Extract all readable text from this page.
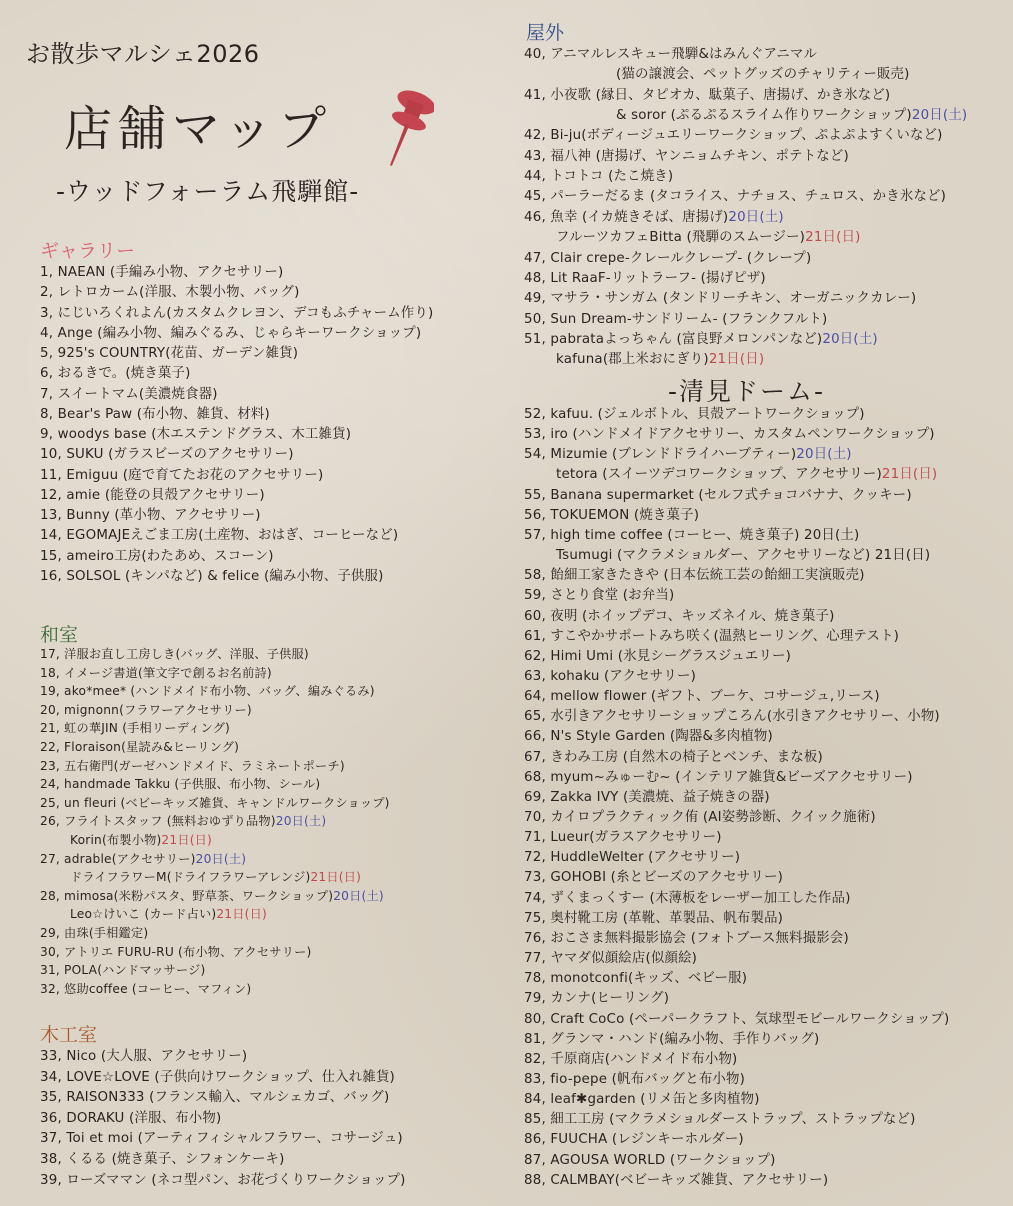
お散歩マルシェ2026
店舗マップ
-ウッドフォーラム飛騨館-
ギャラリー
1, NAEAN (手編み小物、アクセサリー)
2, レトロカーム(洋服、木製小物、バッグ)
3, にじいろくれよん(カスタムクレヨン、デコもふチャーム作り)
4, Ange (編み小物、編みぐるみ、じゃらキーワークショップ)
5, 925's COUNTRY(花苗、ガーデン雑貨)
6, おるきで。(焼き菓子)
7, スイートマム(美濃焼食器)
8, Bear's Paw (布小物、雑貨、材料)
9, woodys base (木エステンドグラス、木工雑貨)
10, SUKU (ガラスビーズのアクセサリー)
11, Emiguu (庭で育てたお花のアクセサリー)
12, amie (能登の貝殻アクセサリー)
13, Bunny (革小物、アクセサリー)
14, EGOMAJEえごま工房(土産物、おはぎ、コーヒーなど)
15, ameiro工房(わたあめ、スコーン)
16, SOLSOL (キンパなど) & felice (編み小物、子供服)
和室
17, 洋服お直し工房しき(バッグ、洋服、子供服)
18, イメージ書道(筆文字で創るお名前詩)
19, ako*mee* (ハンドメイド布小物、バッグ、編みぐるみ)
20, mignonn(フラワーアクセサリー)
21, 虹の華JIN (手相リーディング)
22, Floraison(星読み&ヒーリング)
23, 五右衛門(ガーゼハンドメイド、ラミネートポーチ)
24, handmade Takku (子供服、布小物、シール)
25, un fleuri (ベビーキッズ雑貨、キャンドルワークショップ)
26, フライトスタッフ (無料おゆずり品物)20日(土)
Korin(布製小物)21日(日)
27, adrable(アクセサリー)20日(土)
ドライフラワーM(ドライフラワーアレンジ)21日(日)
28, mimosa(米粉パスタ、野草茶、ワークショップ)20日(土)
Leo☆けいこ (カード占い)21日(日)
29, 由珠(手相鑑定)
30, アトリエ FURU-RU (布小物、アクセサリー)
31, POLA(ハンドマッサージ)
32, 悠助coffee (コーヒー、マフィン)
木工室
33, Nico (大人服、アクセサリー)
34, LOVE☆LOVE (子供向けワークショップ、仕入れ雑貨)
35, RAISON333 (フランス輸入、マルシェカゴ、バッグ)
36, DORAKU (洋服、布小物)
37, Toi et moi (アーティフィシャルフラワー、コサージュ)
38, くるる (焼き菓子、シフォンケーキ)
39, ローズママン (ネコ型パン、お花づくりワークショップ)
屋外
40, アニマルレスキュー飛騨&はみんぐアニマル
(猫の譲渡会、ペットグッズのチャリティー販売)
41, 小夜歌 (縁日、タピオカ、駄菓子、唐揚げ、かき氷など)
& soror (ぷるぷるスライム作りワークショップ)20日(土)
42, Bi-ju(ボディージュエリーワークショップ、ぷよぷよすくいなど)
43, 福八神 (唐揚げ、ヤンニョムチキン、ポテトなど)
44, トコトコ (たこ焼き)
45, パーラーだるま (タコライス、ナチョス、チュロス、かき氷など)
46, 魚幸 (イカ焼きそば、唐揚げ)20日(土)
フルーツカフェBitta (飛騨のスムージー)21日(日)
47, Clair crepe-クレールクレープ- (クレープ)
48, Lit RaaF-リットラーフ- (揚げピザ)
49, マサラ・サンガム (タンドリーチキン、オーガニックカレー)
50, Sun Dream-サンドリーム- (フランクフルト)
51, pabrataよっちゃん (富良野メロンパンなど)20日(土)
kafuna(郡上米おにぎり)21日(日)
-清見ドーム-
52, kafuu. (ジェルボトル、貝殻アートワークショップ)
53, iro (ハンドメイドアクセサリー、カスタムペンワークショップ)
54, Mizumie (ブレンドドライハーブティー)20日(土)
tetora (スイーツデコワークショップ、アクセサリー)21日(日)
55, Banana supermarket (セルフ式チョコバナナ、クッキー)
56, TOKUEMON (焼き菓子)
57, high time coffee (コーヒー、焼き菓子) 20日(土)
Tsumugi (マクラメショルダー、アクセサリーなど) 21日(日)
58, 飴細工家きたきや (日本伝統工芸の飴細工実演販売)
59, さとり食堂 (お弁当)
60, 夜明 (ホイップデコ、キッズネイル、焼き菓子)
61, すこやかサポートみち咲く(温熱ヒーリング、心理テスト)
62, Himi Umi (氷見シーグラスジュエリー)
63, kohaku (アクセサリー)
64, mellow flower (ギフト、ブーケ、コサージュ,リース)
65, 水引きアクセサリーショップころん(水引きアクセサリー、小物)
66, N's Style Garden (陶器&多肉植物)
67, きわみ工房 (自然木の椅子とベンチ、まな板)
68, myum~みゅーむ~ (インテリア雑貨&ビーズアクセサリー)
69, Zakka IVY (美濃焼、益子焼きの器)
70, カイロプラクティック侑 (AI姿勢診断、クイック施術)
71, Lueur(ガラスアクセサリー)
72, HuddleWelter (アクセサリー)
73, GOHOBI (糸とビーズのアクセサリー)
74, ずくまっくすー (木薄板をレーザー加工した作品)
75, 奥村靴工房 (革靴、革製品、帆布製品)
76, おこさま無料撮影協会 (フォトブース無料撮影会)
77, ヤマダ似顔絵店(似顔絵)
78, monotconfi(キッズ、ベビー服)
79, カンナ(ヒーリング)
80, Craft CoCo (ペーパークラフト、気球型モビールワークショップ)
81, グランマ・ハンド(編み小物、手作りバッグ)
82, 千原商店(ハンドメイド布小物)
83, fio-pepe (帆布バッグと布小物)
84, leaf✱garden (リメ缶と多肉植物)
85, 細工工房 (マクラメショルダーストラップ、ストラップなど)
86, FUUCHA (レジンキーホルダー)
87, AGOUSA WORLD (ワークショップ)
88, CALMBAY(ベビーキッズ雑貨、アクセサリー)
